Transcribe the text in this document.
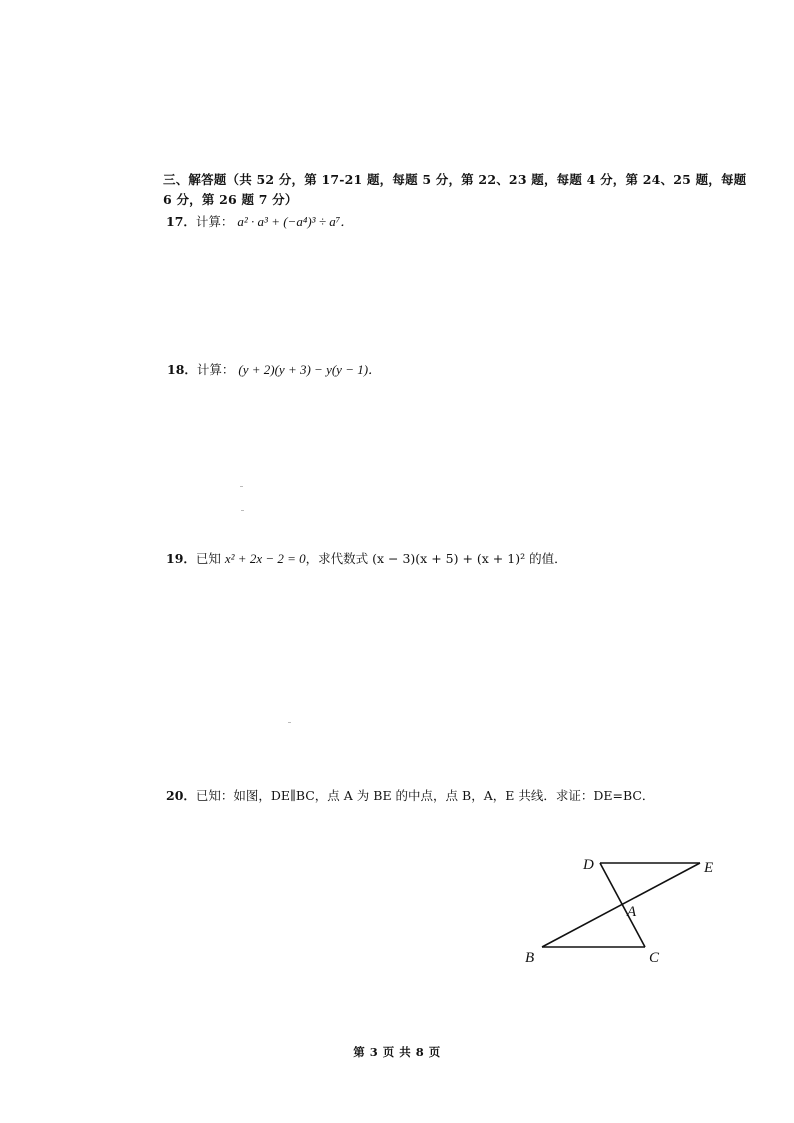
三、解答题（共 52 分，第 17-21 题，每题 5 分，第 22、23 题，每题 4 分，第 24、25 题，每题 6 分，第 26 题 7 分）
17．计算： a² · a³ + (−a⁴)³ ÷ a⁷．
18．计算： (y + 2)(y + 3) − y(y − 1)．
19．已知 x² + 2x − 2 = 0，求代数式 (x − 3)(x + 5) + (x + 1)² 的值．
20．已知：如图，DE∥BC，点 A 为 BE 的中点，点 B，A，E 共线．求证：DE=BC．
D	E
A
B	C
第 3 页 共 8 页
